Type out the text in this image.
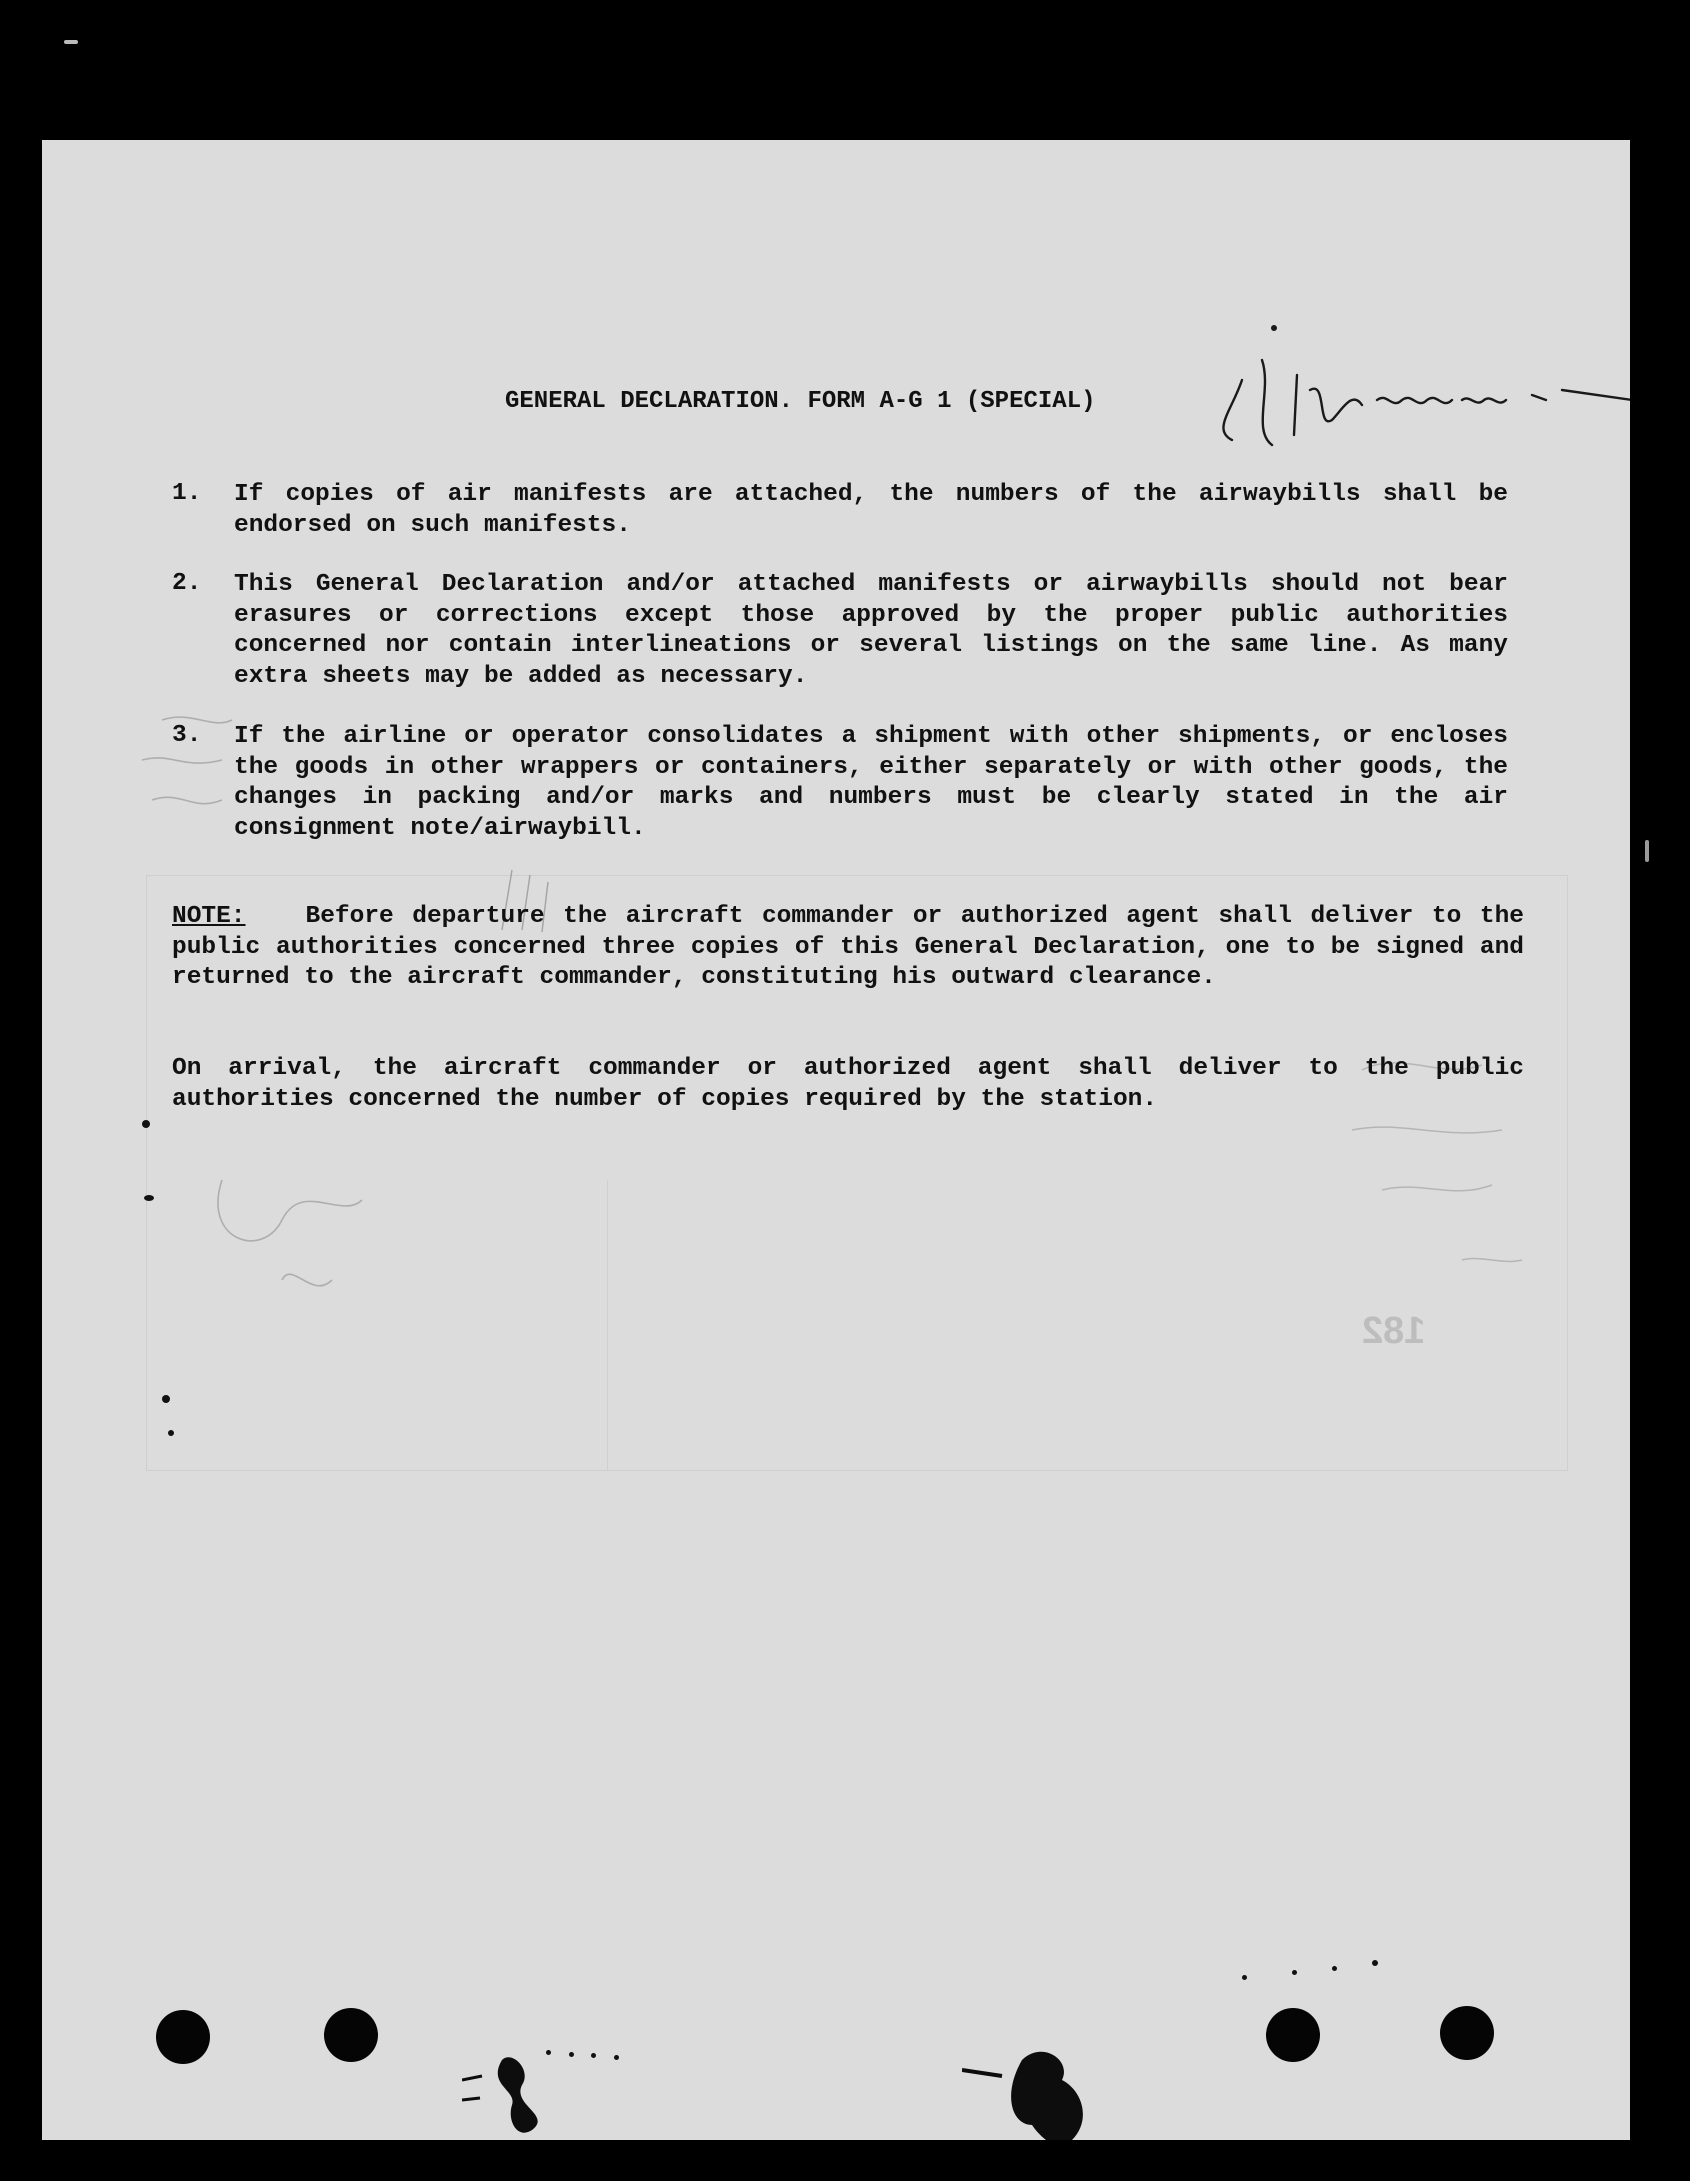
182
GENERAL DECLARATION. FORM A-G 1 (SPECIAL)
1.	If copies of air manifests are attached, the numbers of the airwaybills shall be endorsed on such manifests.
2.	This General Declaration and/or attached manifests or airwaybills should not bear erasures or corrections except those approved by the proper public authorities concerned nor contain interlineations or several listings on the same line. As many extra sheets may be added as necessary.
3.	If the airline or operator consolidates a shipment with other shipments, or encloses the goods in other wrappers or containers, either separately or with other goods, the changes in packing and/or marks and numbers must be clearly stated in the air consignment note/airwaybill.
NOTE: Before departure the aircraft commander or authorized agent shall deliver to the public authorities concerned three copies of this General Declaration, one to be signed and returned to the aircraft commander, constituting his outward clearance.
On arrival, the aircraft commander or authorized agent shall deliver to the public authorities concerned the number of copies required by the station.
